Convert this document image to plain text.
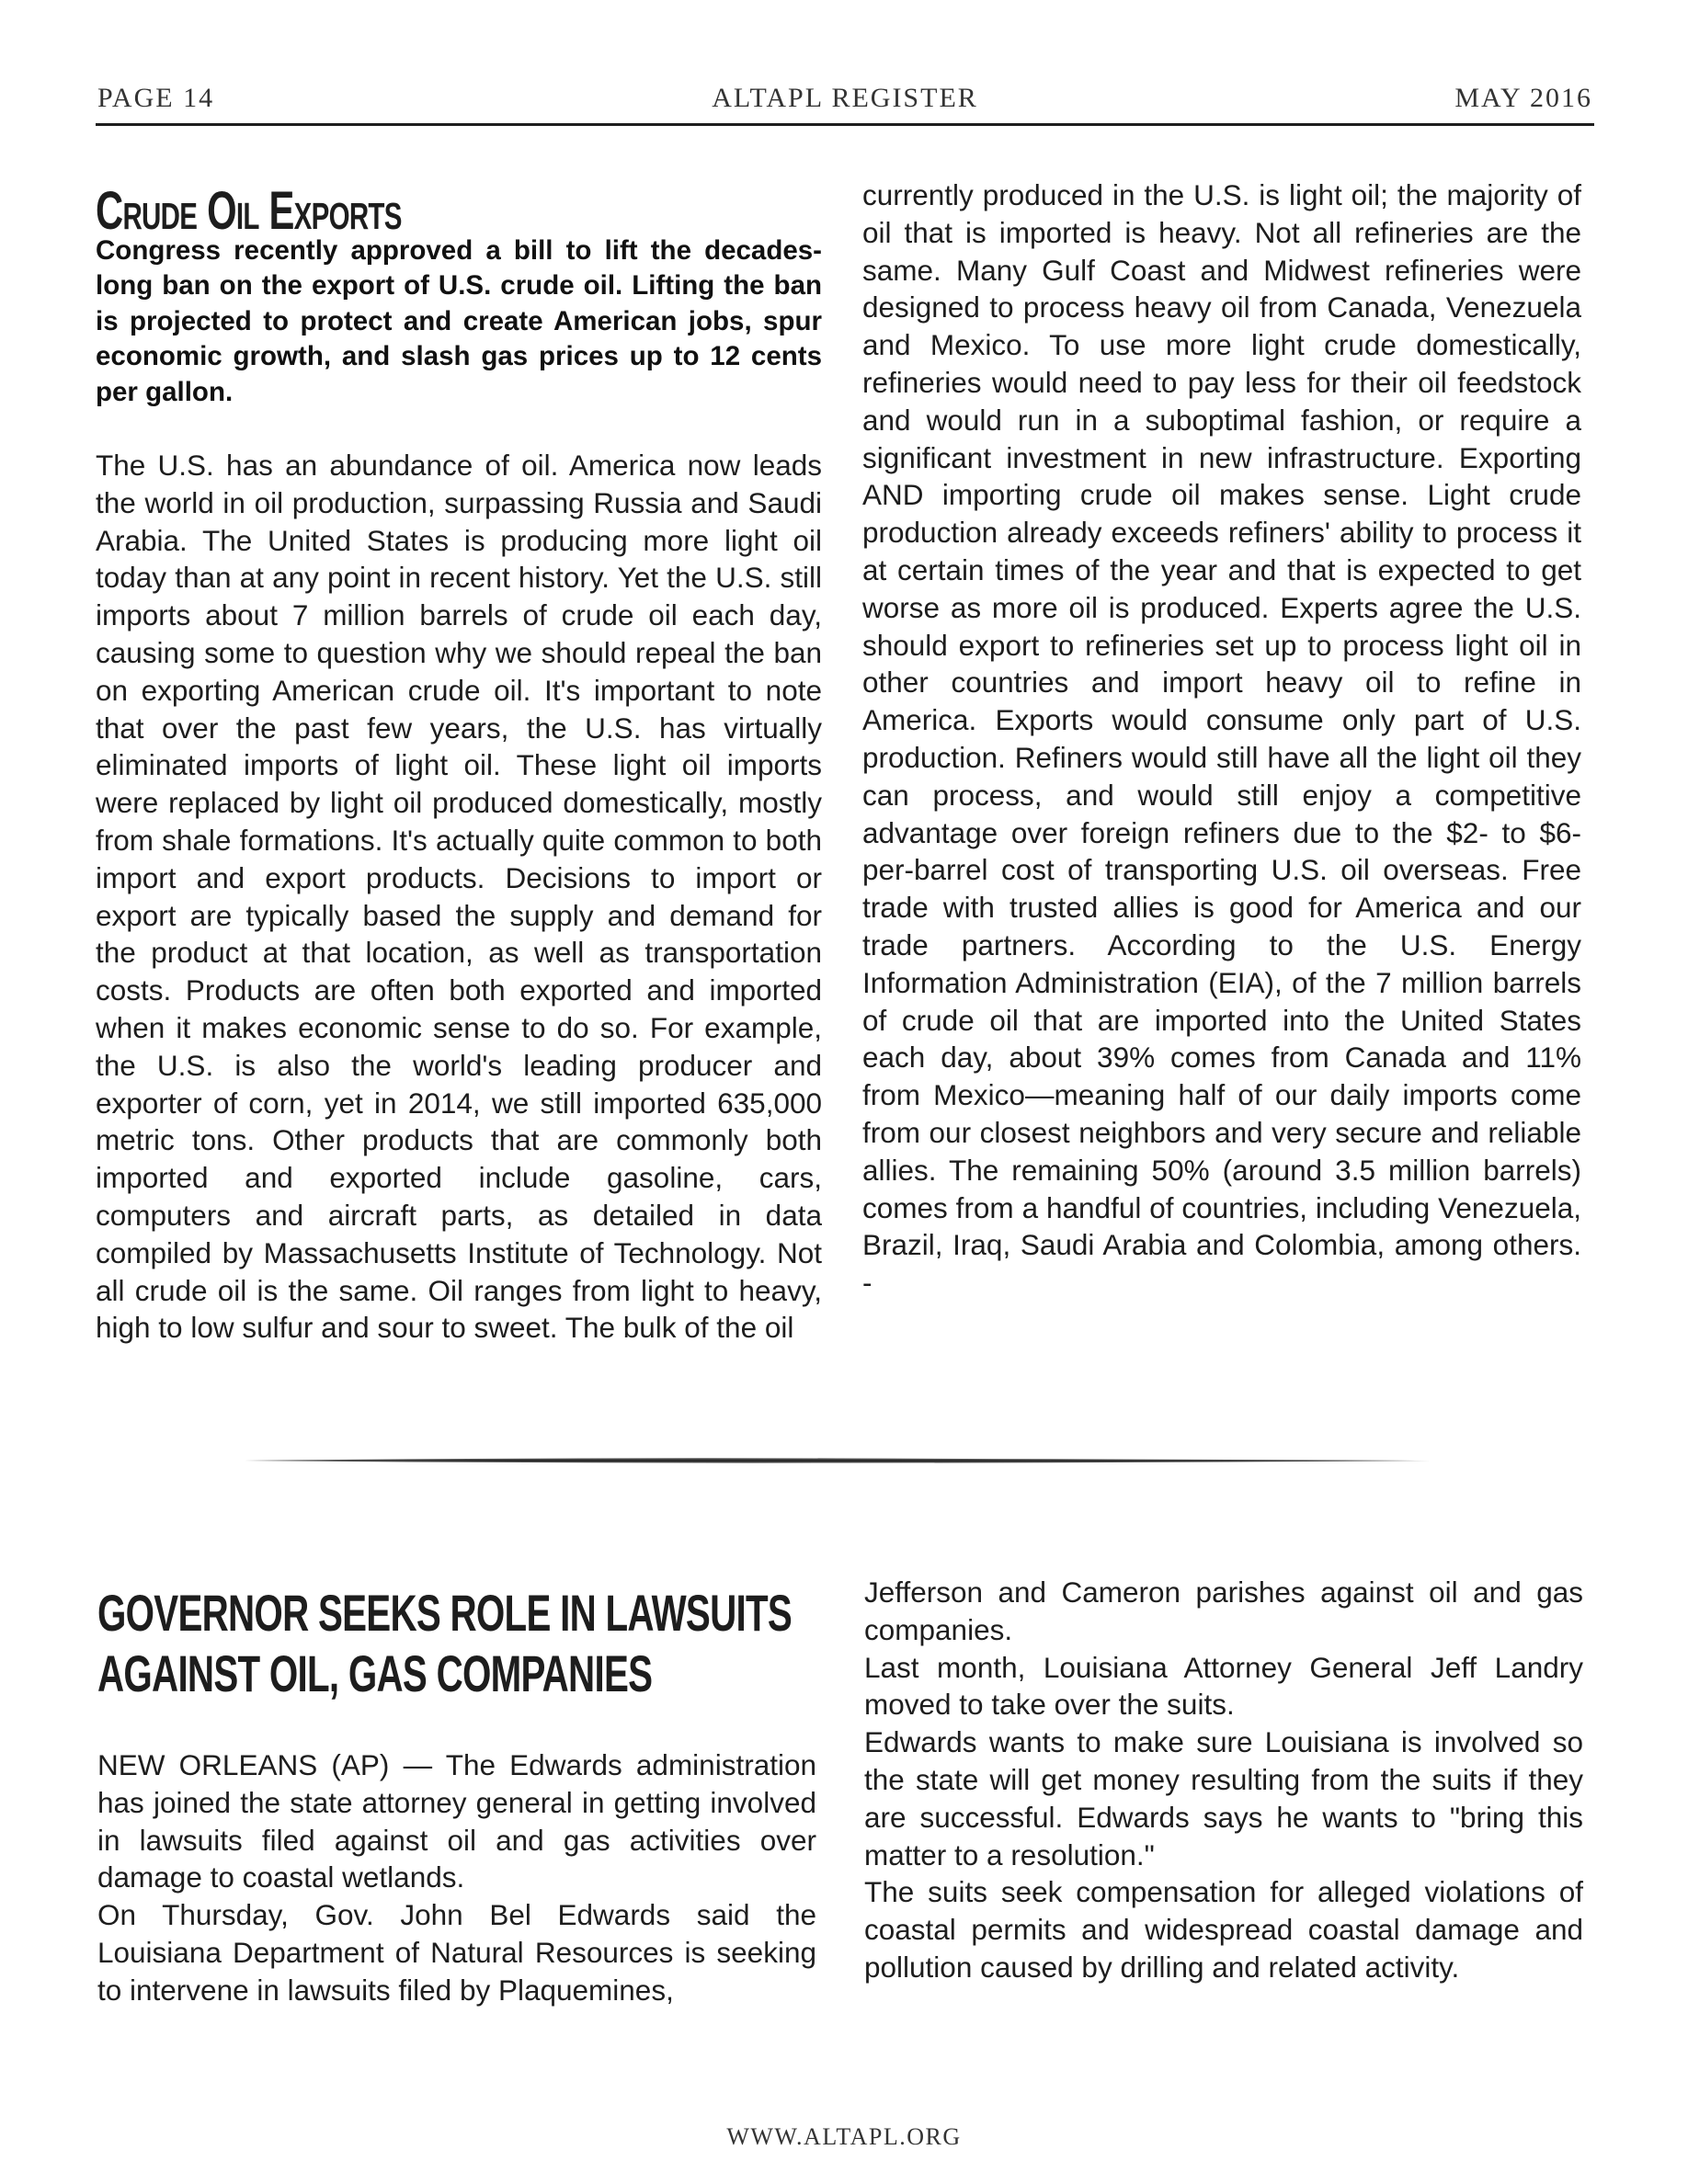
PAGE 14	ALTAPL REGISTER	MAY 2016
Crude Oil Exports
Congress recently approved a bill to lift the decades-long ban on the export of U.S. crude oil. Lifting the ban is projected to protect and create American jobs, spur economic growth, and slash gas prices up to 12 cents per gallon.
The U.S. has an abundance of oil. America now leads the world in oil production, surpassing Russia and Saudi Arabia. The United States is producing more light oil today than at any point in recent history. Yet the U.S. still imports about 7 million barrels of crude oil each day, causing some to question why we should repeal the ban on exporting American crude oil. It's important to note that over the past few years, the U.S. has virtually eliminated imports of light oil. These light oil imports were replaced by light oil produced domestically, mostly from shale formations. It's actually quite common to both import and export products. Decisions to import or export are typically based the supply and demand for the product at that location, as well as transportation costs. Products are often both exported and imported when it makes economic sense to do so. For example, the U.S. is also the world's leading producer and exporter of corn, yet in 2014, we still imported 635,000 metric tons. Other products that are commonly both imported and exported include gasoline, cars, computers and aircraft parts, as detailed in data compiled by Massachusetts Institute of Technology. Not all crude oil is the same. Oil ranges from light to heavy, high to low sulfur and sour to sweet. The bulk of the oil
currently produced in the U.S. is light oil; the majority of oil that is imported is heavy. Not all refineries are the same. Many Gulf Coast and Midwest refineries were designed to process heavy oil from Canada, Venezuela and Mexico. To use more light crude domestically, refineries would need to pay less for their oil feedstock and would run in a suboptimal fashion, or require a significant investment in new infrastructure. Exporting AND importing crude oil makes sense. Light crude production already exceeds refiners' ability to process it at certain times of the year and that is expected to get worse as more oil is produced. Experts agree the U.S. should export to refineries set up to process light oil in other countries and import heavy oil to refine in America. Exports would consume only part of U.S. production. Refiners would still have all the light oil they can process, and would still enjoy a competitive advantage over foreign refiners due to the $2- to $6-per-barrel cost of transporting U.S. oil overseas. Free trade with trusted allies is good for America and our trade partners. According to the U.S. Energy Information Administration (EIA), of the 7 million barrels of crude oil that are imported into the United States each day, about 39% comes from Canada and 11% from Mexico—meaning half of our daily imports come from our closest neighbors and very secure and reliable allies. The remaining 50% (around 3.5 million barrels) comes from a handful of countries, including Venezuela, Brazil, Iraq, Saudi Arabia and Colombia, among others. -
GOVERNOR SEEKS ROLE IN LAWSUITS AGAINST OIL, GAS COMPANIES

NEW ORLEANS (AP) — The Edwards administration has joined the state attorney general in getting involved in lawsuits filed against oil and gas activities over damage to coastal wetlands.

On Thursday, Gov. John Bel Edwards said the Louisiana Department of Natural Resources is seeking to intervene in lawsuits filed by Plaquemines,

Jefferson and Cameron parishes against oil and gas companies.

Last month, Louisiana Attorney General Jeff Landry moved to take over the suits.

Edwards wants to make sure Louisiana is involved so the state will get money resulting from the suits if they are successful. Edwards says he wants to "bring this matter to a resolution."

The suits seek compensation for alleged violations of coastal permits and widespread coastal damage and pollution caused by drilling and related activity.

WWW.ALTAPL.ORG
